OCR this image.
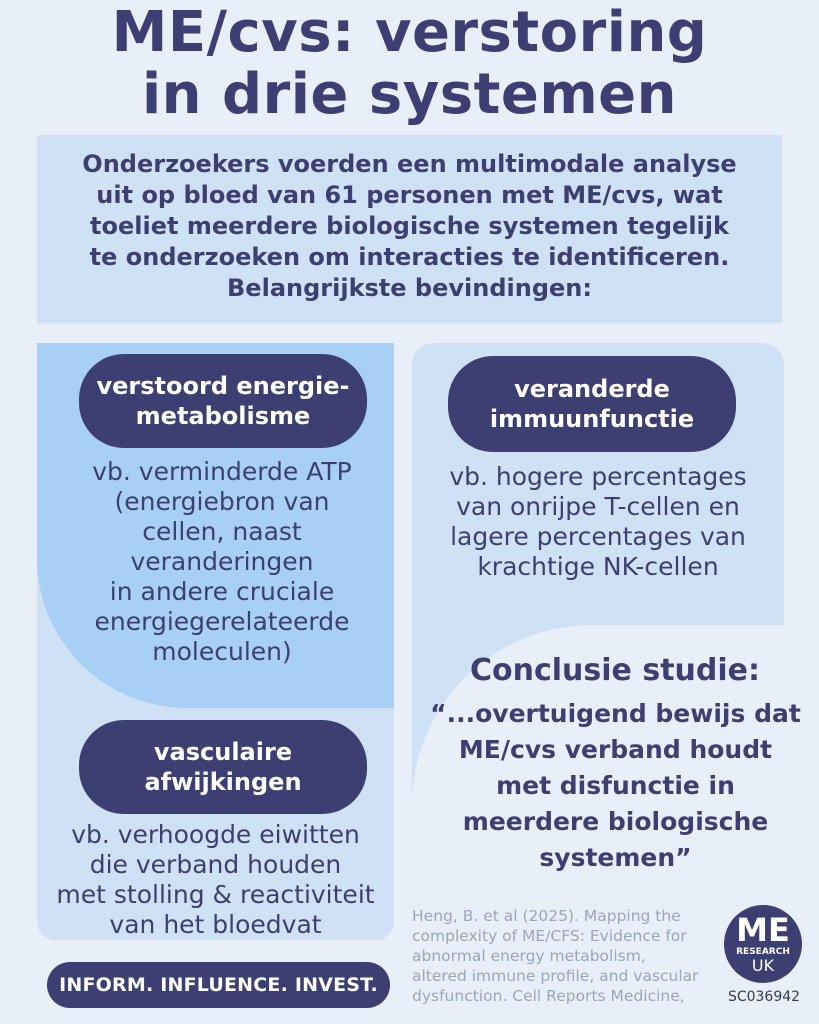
ME/cvs: verstoring
in drie systemen
Onderzoekers voerden een multimodale analyse
uit op bloed van 61 personen met ME/cvs, wat
toeliet meerdere biologische systemen tegelijk
te onderzoeken om interacties te identificeren.
Belangrijkste bevindingen:
verstoord energie-
metabolisme
vb. verminderde ATP
(energiebron van
cellen, naast
veranderingen
in andere cruciale
energiegerelateerde
moleculen)
veranderde
immuunfunctie
vb. hogere percentages
van onrijpe T-cellen en
lagere percentages van
krachtige NK-cellen
vasculaire
afwijkingen
vb. verhoogde eiwitten
die verband houden
met stolling & reactiviteit
van het bloedvat
Conclusie studie:
“...overtuigend bewijs dat
ME/cvs verband houdt
met disfunctie in
meerdere biologische
systemen”
Heng, B. et al (2025). Mapping the
complexity of ME/CFS: Evidence for
abnormal energy metabolism,
altered immune profile, and vascular
dysfunction. Cell Reports Medicine,
INFORM. INFLUENCE. INVEST.
ME
RESEARCH
UK
SC036942
